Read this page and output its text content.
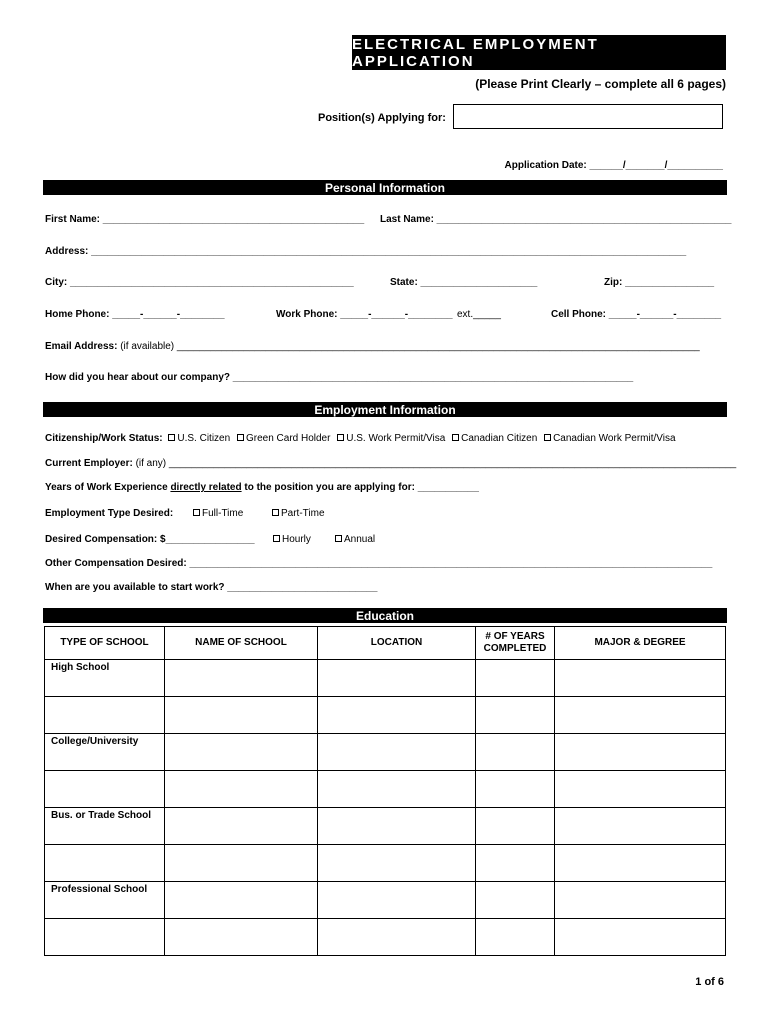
ELECTRICAL EMPLOYMENT APPLICATION
(Please Print Clearly – complete all 6 pages)
Position(s) Applying for:
Application Date: ______/_______/__________
Personal Information
First Name: _______________________________________________ Last Name: _____________________________________________________
Address: ___________________________________________________________________________________________________________
City: ___________________________________________________	State: _____________________	Zip: ________________
Home Phone: _____-______-________	Work Phone: _____-______-________ ext._____	Cell Phone: _____-______-________
Email Address: (if available) ______________________________________________________________________________________________
How did you hear about our company? ________________________________________________________________________
Employment Information
Citizenship/Work Status: U.S. Citizen Green Card Holder U.S. Work Permit/Visa Canadian Citizen Canadian Work Permit/Visa
Current Employer: (if any) ______________________________________________________________________________________________________
Years of Work Experience directly related to the position you are applying for: ___________
Employment Type Desired:	Full-Time	Part-Time
Desired Compensation: $________________	Hourly	Annual
Other Compensation Desired: ______________________________________________________________________________________________
When are you available to start work? ___________________________
Education
TYPE OF SCHOOL	NAME OF SCHOOL	LOCATION	# OF YEARS COMPLETED	MAJOR & DEGREE
High School				

College/University				

Bus. or Trade School				

Professional School				

1 of 6
